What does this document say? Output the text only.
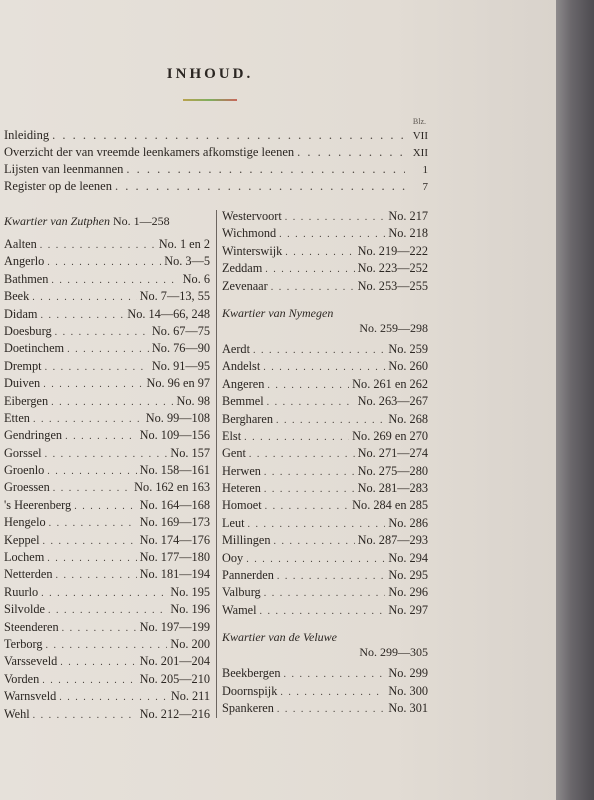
INHOUD.
Blz.
Inleiding . . .	VII
Overzicht der van vreemde leenkamers afkomstige leenen . . .	XII
Lijsten van leenmannen . . .	1
Register op de leenen . . .	7
Kwartier van Zutphen No. 1—258
Aalten . . .	No. 1 en 2
Angerlo . . .	No. 3—5
Bathmen . . .	No. 6
Beek . . .	No. 7—13, 55
Didam . . .	No. 14—66, 248
Doesburg . . .	No. 67—75
Doetinchem . . .	No. 76—90
Drempt . . .	No. 91—95
Duiven . . .	No. 96 en 97
Eibergen . . .	No. 98
Etten . . .	No. 99—108
Gendringen . . .	No. 109—156
Gorssel . . .	No. 157
Groenlo . . .	No. 158—161
Groessen . . .	No. 162 en 163
's Heerenberg . . .	No. 164—168
Hengelo . . .	No. 169—173
Keppel . . .	No. 174—176
Lochem . . .	No. 177—180
Netterden . . .	No. 181—194
Ruurlo . . .	No. 195
Silvolde . . .	No. 196
Steenderen . . .	No. 197—199
Terborg . . .	No. 200
Varsseveld . . .	No. 201—204
Vorden . . .	No. 205—210
Warnsveld . . .	No. 211
Wehl . . .	No. 212—216
Westervoort . . .	No. 217
Wichmond . . .	No. 218
Winterswijk . . .	No. 219—222
Zeddam . . .	No. 223—252
Zevenaar . . .	No. 253—255
Kwartier van Nymegen
No. 259—298
Aerdt . . .	No. 259
Andelst . . .	No. 260
Angeren . . .	No. 261 en 262
Bemmel . . .	No. 263—267
Bergharen . . .	No. 268
Elst . . .	No. 269 en 270
Gent . . .	No. 271—274
Herwen . . .	No. 275—280
Heteren . . .	No. 281—283
Homoet . . .	No. 284 en 285
Leut . . .	No. 286
Millingen . . .	No. 287—293
Ooy . . .	No. 294
Pannerden . . .	No. 295
Valburg . . .	No. 296
Wamel . . .	No. 297
Kwartier van de Veluwe
No. 299—305
Beekbergen . . .	No. 299
Doornspijk . . .	No. 300
Spankeren . . .	No. 301
